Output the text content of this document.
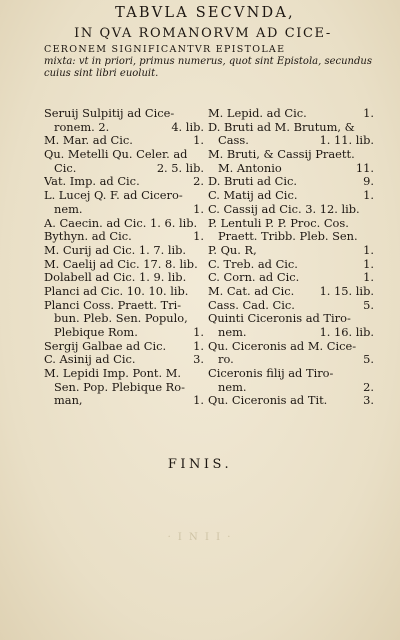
TABVLA SECVNDA,
IN QVA ROMANORVM AD CICE-
CERONEM SIGNIFICANTVR EPISTOLAE
mixta: vt in priori, primus numerus, quot sint Epistola, secundus cuius sint libri euoluit.
Seruij Sulpitij ad Cice-
ronem. 2.	4. lib.
M. Mar. ad Cic.	1.
Qu. Metelli Qu. Celer. ad
Cic.	2. 5. lib.
Vat. Imp. ad Cic.	2.
L. Lucej Q. F. ad Cicero-
nem.	1.
A. Caecin. ad Cic. 1. 6. lib.
Bythyn. ad Cic.	1.
M. Curij ad Cic. 1. 7. lib.
M. Caelij ad Cic. 17. 8. lib.
Dolabell ad Cic. 1. 9. lib.
Planci ad Cic. 10. 10. lib.
Planci Coss. Praett. Tri-
bun. Pleb. Sen. Populo,
Plebique Rom.	1.
Sergij Galbae ad Cic. 1.
C. Asinij ad Cic.	3.
M. Lepidi Imp. Pont. M.
Sen. Pop. Plebique Ro-
man,	1.
M. Lepid. ad Cic.	1.
D. Bruti ad M. Brutum, &
Cass.	1. 11. lib.
M. Bruti, & Cassij Praett.
M. Antonio	11.
D. Bruti ad Cic.	9.
C. Matij ad Cic.	1.
C. Cassij ad Cic. 3. 12. lib.
P. Lentuli P. P. Proc. Cos.
Praett. Tribb. Pleb. Sen.
P. Qu. R,	1.
C. Treb. ad Cic.	1.
C. Corn. ad Cic.	1.
M. Cat. ad Cic. 1. 15. lib.
Cass. Cad. Cic.	5.
Quinti Ciceronis ad Tiro-
nem.	1. 16. lib.
Qu. Ciceronis ad M. Cice-
ro.	5.
Ciceronis filij ad Tiro-
nem.	2.
Qu. Ciceronis ad Tit.	3.
FINIS.
· I N I I ·
